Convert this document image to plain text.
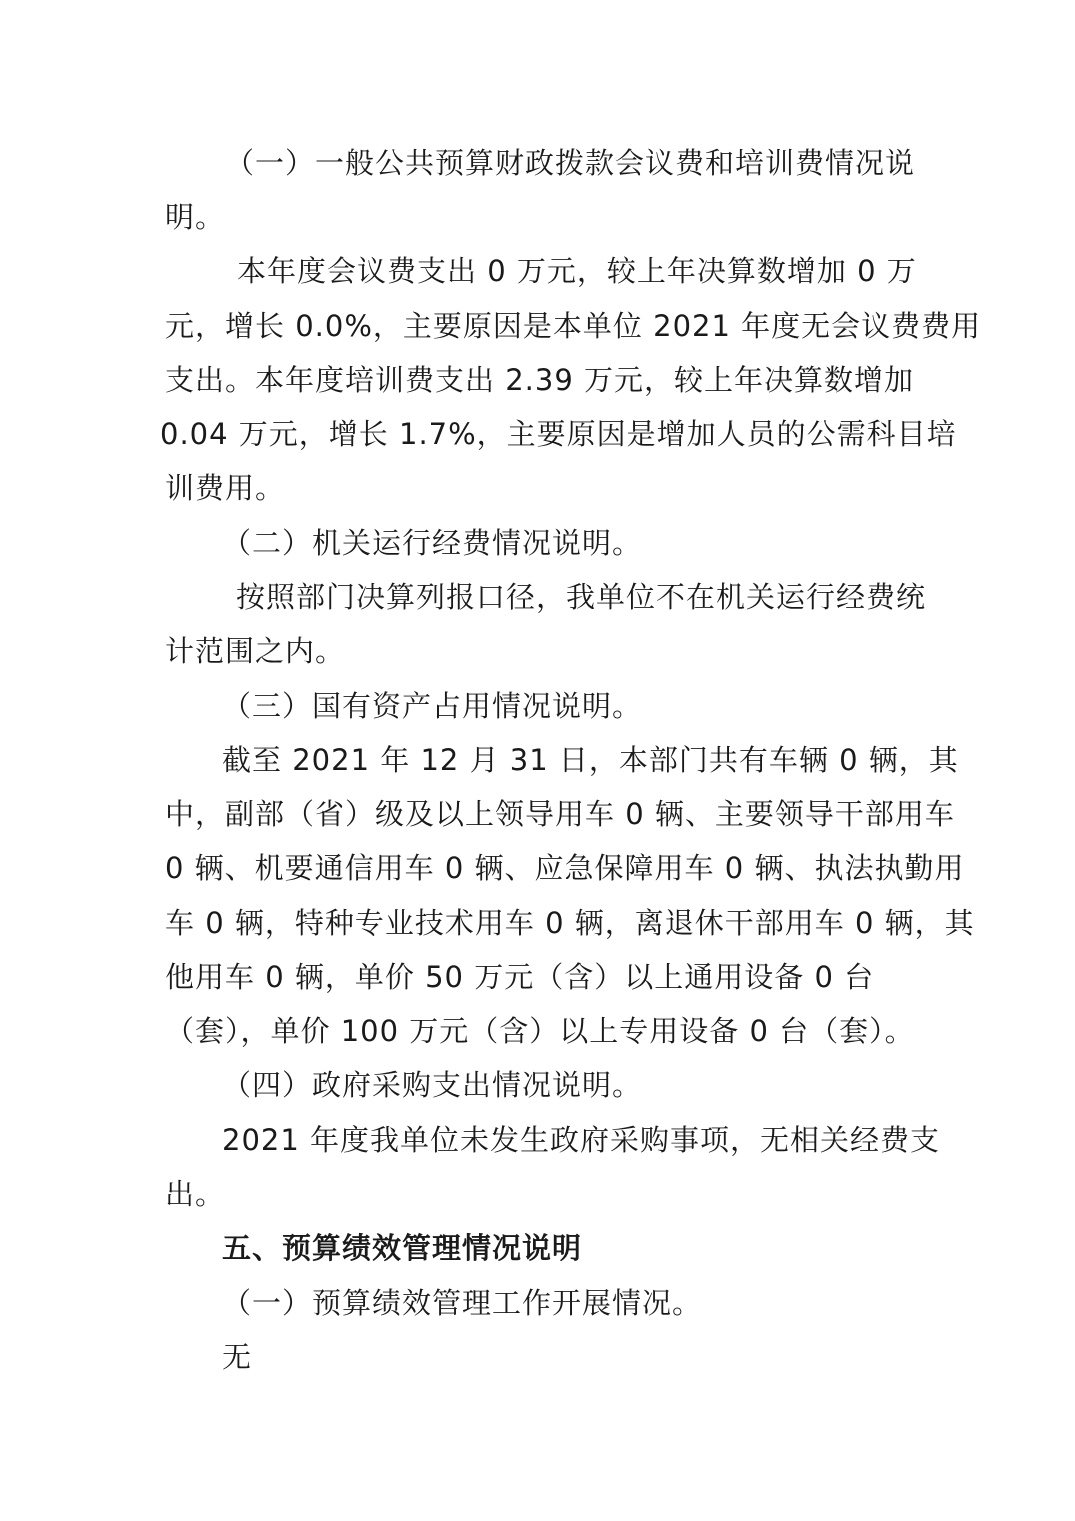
（一）一般公共预算财政拨款会议费和培训费情况说
明。
本年度会议费支出 0 万元，较上年决算数增加 0 万
元，增长 0.0%，主要原因是本单位 2021 年度无会议费费用
支出。本年度培训费支出 2.39 万元，较上年决算数增加
0.04 万元，增长 1.7%，主要原因是增加人员的公需科目培
训费用。
（二）机关运行经费情况说明。
按照部门决算列报口径，我单位不在机关运行经费统
计范围之内。
（三）国有资产占用情况说明。
截至 2021 年 12 月 31 日，本部门共有车辆 0 辆，其
中，副部（省）级及以上领导用车 0 辆、主要领导干部用车
0 辆、机要通信用车 0 辆、应急保障用车 0 辆、执法执勤用
车 0 辆，特种专业技术用车 0 辆，离退休干部用车 0 辆，其
他用车 0 辆，单价 50 万元（含）以上通用设备 0 台
（套），单价 100 万元（含）以上专用设备 0 台（套）。
（四）政府采购支出情况说明。
2021 年度我单位未发生政府采购事项，无相关经费支
出。
五、预算绩效管理情况说明
（一）预算绩效管理工作开展情况。
无
